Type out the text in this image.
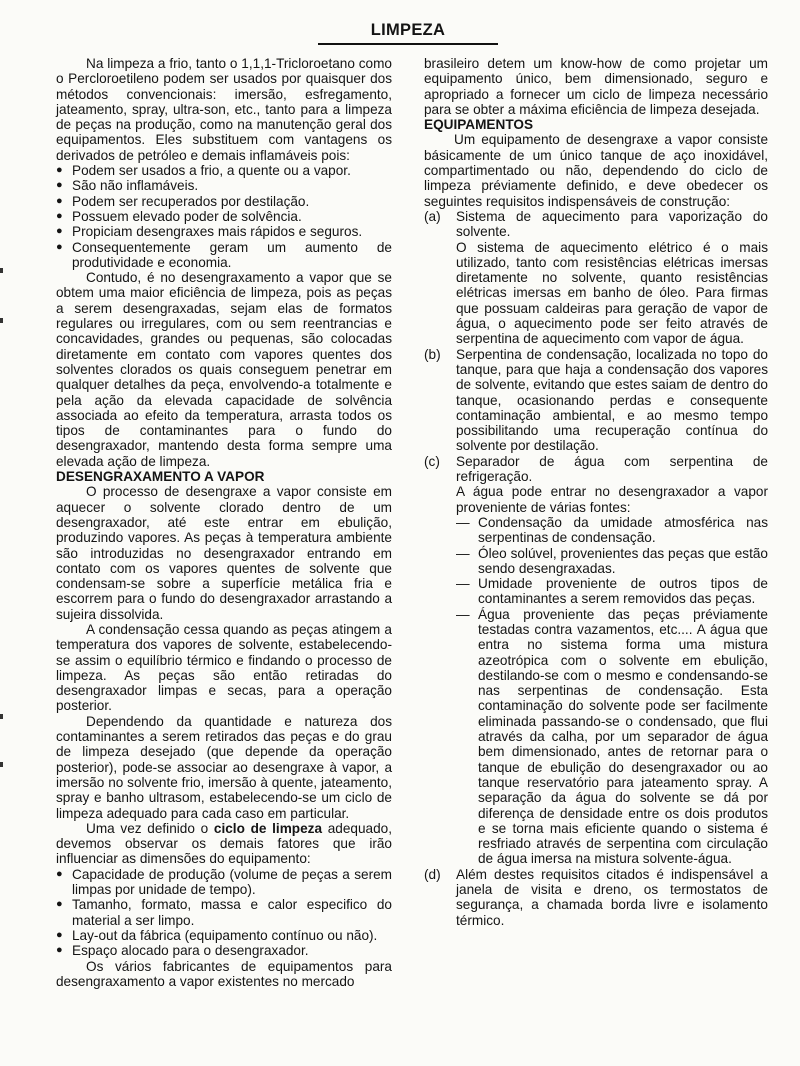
LIMPEZA

Na limpeza a frio, tanto o 1,1,1-Tricloroetano como o Percloroetileno podem ser usados por quaisquer dos métodos convencionais: imersão, esfregamento, jateamento, spray, ultra-son, etc., tanto para a limpeza de peças na produção, como na manutenção geral dos equipamentos. Eles substituem com vantagens os derivados de petróleo e demais inflamáveis pois:

● Podem ser usados a frio, a quente ou a vapor.
● São não inflamáveis.
● Podem ser recuperados por destilação.
● Possuem elevado poder de solvência.
● Propiciam desengraxes mais rápidos e seguros.
● Consequentemente geram um aumento de produtividade e economia.

Contudo, é no desengraxamento a vapor que se obtem uma maior eficiência de limpeza, pois as peças a serem desengraxadas, sejam elas de formatos regulares ou irregulares, com ou sem reentrancias e concavidades, grandes ou pequenas, são colocadas diretamente em contato com vapores quentes dos solventes clorados os quais conseguem penetrar em qualquer detalhes da peça, envolvendo-a totalmente e pela ação da elevada capacidade de solvência associada ao efeito da temperatura, arrasta todos os tipos de contaminantes para o fundo do desengraxador, mantendo desta forma sempre uma elevada ação de limpeza.

DESENGRAXAMENTO A VAPOR

O processo de desengraxe a vapor consiste em aquecer o solvente clorado dentro de um desengraxador, até este entrar em ebulição, produzindo vapores. As peças à temperatura ambiente são introduzidas no desengraxador entrando em contato com os vapores quentes de solvente que condensam-se sobre a superfície metálica fria e escorrem para o fundo do desengraxador arrastando a sujeira dissolvida.

A condensação cessa quando as peças atingem a temperatura dos vapores de solvente, estabelecendo-se assim o equilíbrio térmico e findando o processo de limpeza. As peças são então retiradas do desengraxador limpas e secas, para a operação posterior.

Dependendo da quantidade e natureza dos contaminantes a serem retirados das peças e do grau de limpeza desejado (que depende da operação posterior), pode-se associar ao desengraxe à vapor, a imersão no solvente frio, imersão à quente, jateamento, spray e banho ultrasom, estabelecendo-se um ciclo de limpeza adequado para cada caso em particular.

Uma vez definido o ciclo de limpeza adequado, devemos observar os demais fatores que irão influenciar as dimensões do equipamento:

● Capacidade de produção (volume de peças a serem limpas por unidade de tempo).
● Tamanho, formato, massa e calor especifico do material a ser limpo.
● Lay-out da fábrica (equipamento contínuo ou não).
● Espaço alocado para o desengraxador.

Os vários fabricantes de equipamentos para desengraxamento a vapor existentes no mercado

brasileiro detem um know-how de como projetar um equipamento único, bem dimensionado, seguro e apropriado a fornecer um ciclo de limpeza necessário para se obter a máxima eficiência de limpeza desejada.

EQUIPAMENTOS

Um equipamento de desengraxe a vapor consiste básicamente de um único tanque de aço inoxidável, compartimentado ou não, dependendo do ciclo de limpeza préviamente definido, e deve obedecer os seguintes requisitos indispensáveis de construção:

(a) Sistema de aquecimento para vaporização do solvente.

O sistema de aquecimento elétrico é o mais utilizado, tanto com resistências elétricas imersas diretamente no solvente, quanto resistências elétricas imersas em banho de óleo. Para firmas que possuam caldeiras para geração de vapor de água, o aquecimento pode ser feito através de serpentina de aquecimento com vapor de água.

(b) Serpentina de condensação, localizada no topo do tanque, para que haja a condensação dos vapores de solvente, evitando que estes saiam de dentro do tanque, ocasionando perdas e consequente contaminação ambiental, e ao mesmo tempo possibilitando uma recuperação contínua do solvente por destilação.

(c) Separador de água com serpentina de refrigeração.

A água pode entrar no desengraxador a vapor proveniente de várias fontes:

— Condensação da umidade atmosférica nas serpentinas de condensação.
— Óleo solúvel, provenientes das peças que estão sendo desengraxadas.
— Umidade proveniente de outros tipos de contaminantes a serem removidos das peças.
— Água proveniente das peças préviamente testadas contra vazamentos, etc.... A água que entra no sistema forma uma mistura azeotrópica com o solvente em ebulição, destilando-se com o mesmo e condensando-se nas serpentinas de condensação. Esta contaminação do solvente pode ser facilmente eliminada passando-se o condensado, que flui através da calha, por um separador de água bem dimensionado, antes de retornar para o tanque de ebulição do desengraxador ou ao tanque reservatório para jateamento spray. A separação da água do solvente se dá por diferença de densidade entre os dois produtos e se torna mais eficiente quando o sistema é resfriado através de serpentina com circulação de água imersa na mistura solvente-água.
(d) Além destes requisitos citados é indispensável a janela de visita e dreno, os termostatos de segurança, a chamada borda livre e isolamento térmico.
